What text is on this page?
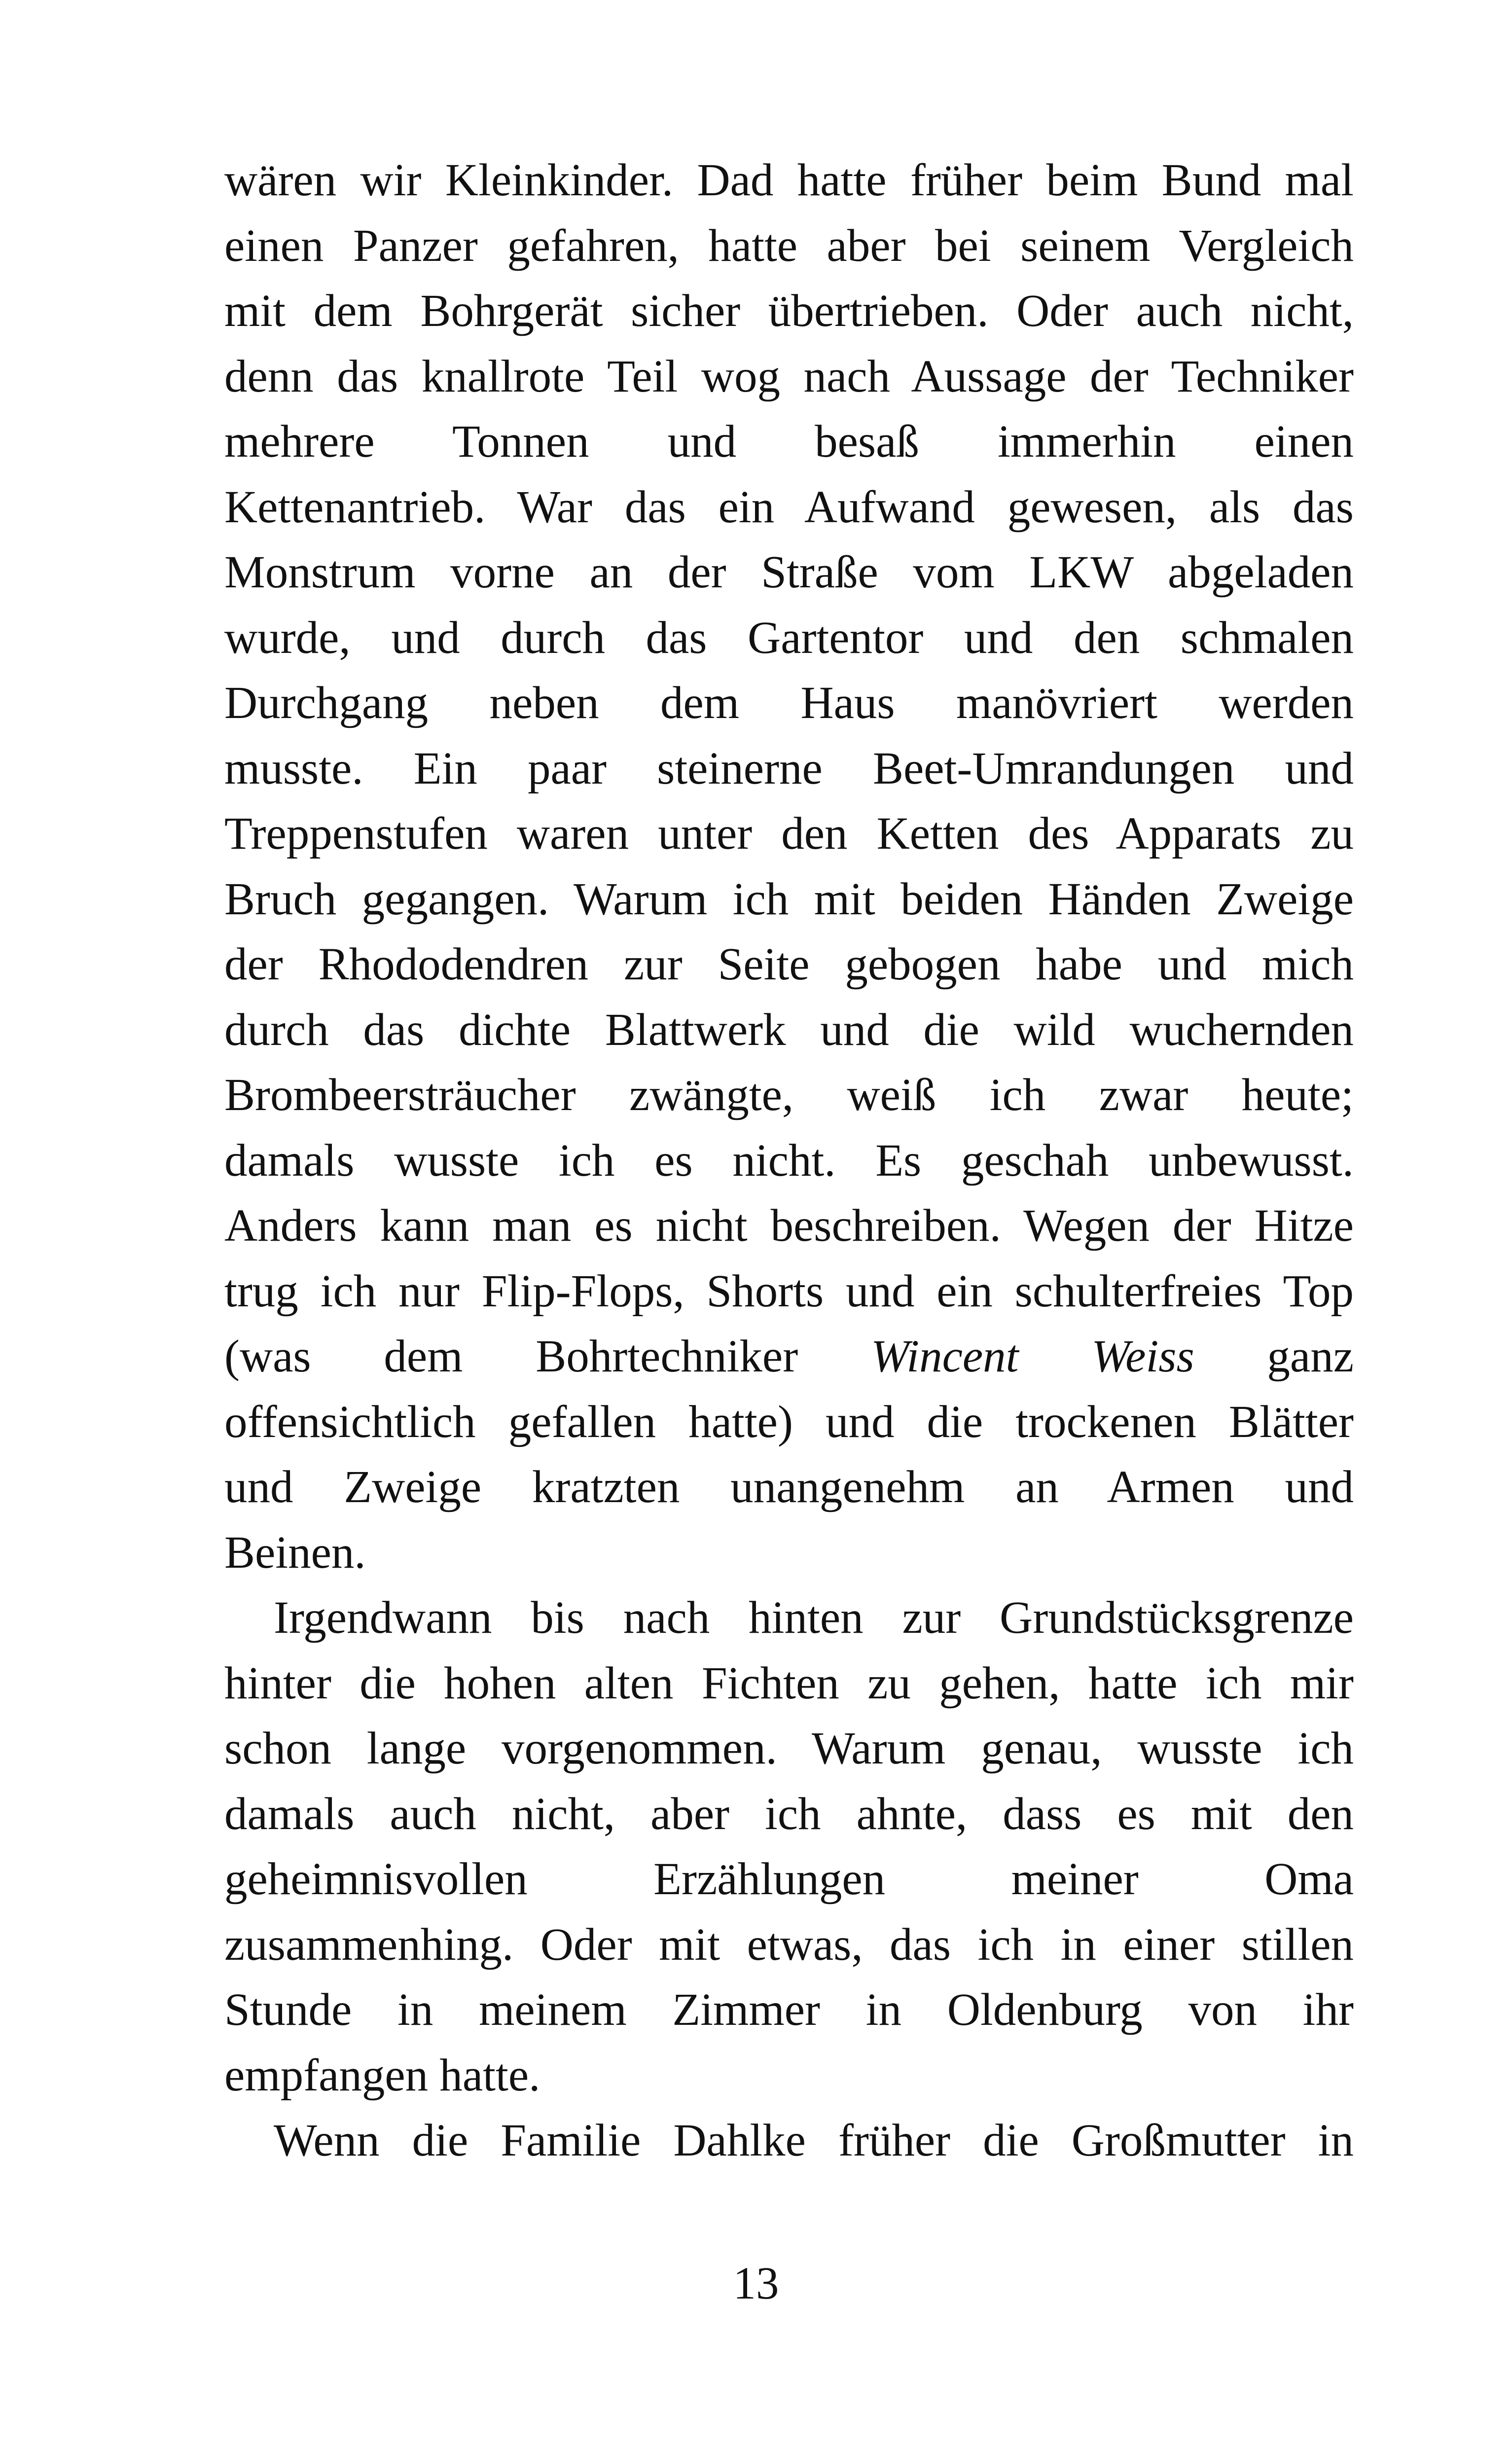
wären wir Kleinkinder. Dad hatte früher beim Bund mal
einen Panzer gefahren, hatte aber bei seinem Vergleich
mit dem Bohrgerät sicher übertrieben. Oder auch nicht,
denn das knallrote Teil wog nach Aussage der Techniker
mehrere Tonnen und besaß immerhin einen
Kettenantrieb. War das ein Aufwand gewesen, als das
Monstrum vorne an der Straße vom LKW abgeladen
wurde, und durch das Gartentor und den schmalen
Durchgang neben dem Haus manövriert werden
musste. Ein paar steinerne Beet-Umrandungen und
Treppenstufen waren unter den Ketten des Apparats zu
Bruch gegangen. Warum ich mit beiden Händen Zweige
der Rhododendren zur Seite gebogen habe und mich
durch das dichte Blattwerk und die wild wuchernden
Brombeersträucher zwängte, weiß ich zwar heute;
damals wusste ich es nicht. Es geschah unbewusst.
Anders kann man es nicht beschreiben. Wegen der Hitze
trug ich nur Flip-Flops, Shorts und ein schulterfreies Top
(was dem Bohrtechniker Wincent Weiss ganz
offensichtlich gefallen hatte) und die trockenen Blätter
und Zweige kratzten unangenehm an Armen und
Beinen.
Irgendwann bis nach hinten zur Grundstücksgrenze
hinter die hohen alten Fichten zu gehen, hatte ich mir
schon lange vorgenommen. Warum genau, wusste ich
damals auch nicht, aber ich ahnte, dass es mit den
geheimnisvollen Erzählungen meiner Oma
zusammenhing. Oder mit etwas, das ich in einer stillen
Stunde in meinem Zimmer in Oldenburg von ihr
empfangen hatte.
Wenn die Familie Dahlke früher die Großmutter in
13
